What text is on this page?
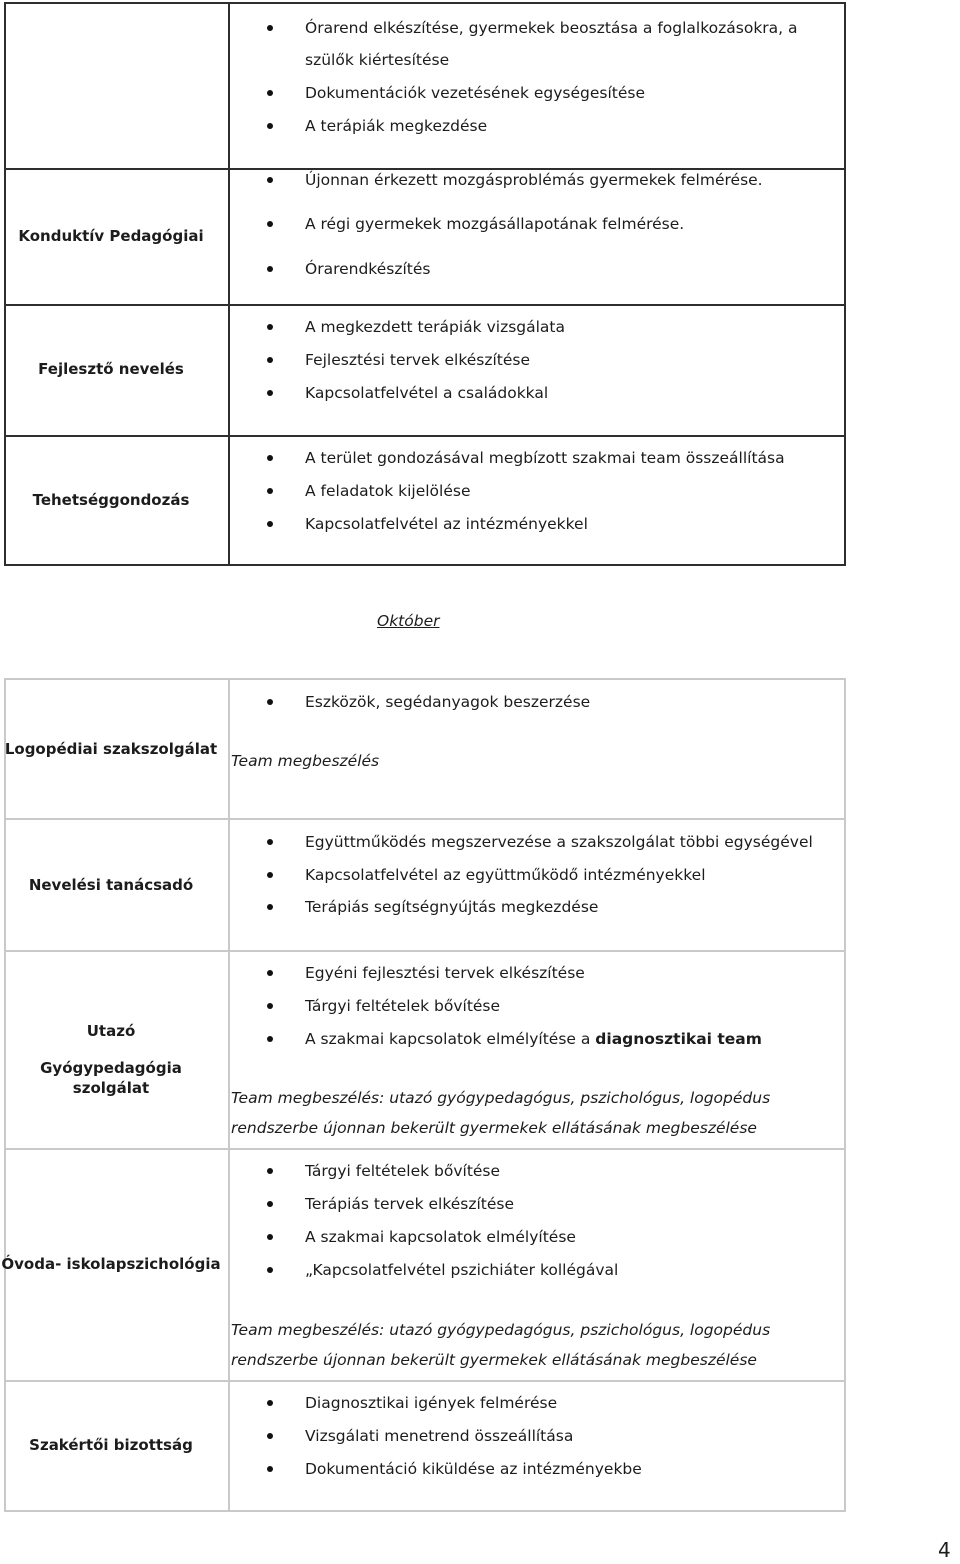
Órarend elkészítése, gyermekek beosztása a foglalkozásokra, a
szülők kiértesítése
Dokumentációk vezetésének egységesítése
A terápiák megkezdése
Konduktív Pedagógiai
Újonnan érkezett mozgásproblémás gyermekek felmérése.
A régi gyermekek mozgásállapotának felmérése.
Órarendkészítés
Fejlesztő nevelés
A megkezdett terápiák vizsgálata
Fejlesztési tervek elkészítése
Kapcsolatfelvétel a családokkal
Tehetséggondozás
A terület gondozásával megbízott szakmai team összeállítása
A feladatok kijelölése
Kapcsolatfelvétel az intézményekkel
Október
Logopédiai szakszolgálat
Eszközök, segédanyagok beszerzése
Team megbeszélés
Nevelési tanácsadó
Együttműködés megszervezése a szakszolgálat többi egységével
Kapcsolatfelvétel az együttműködő intézményekkel
Terápiás segítségnyújtás megkezdése
Utazó
Gyógypedagógia szolgálat
Egyéni fejlesztési tervek elkészítése
Tárgyi feltételek bővítése
A szakmai kapcsolatok elmélyítése a diagnosztikai team
Team megbeszélés: utazó gyógypedagógus, pszichológus, logopédus
rendszerbe újonnan bekerült gyermekek ellátásának megbeszélése
Óvoda- iskolapszichológia
Tárgyi feltételek bővítése
Terápiás tervek elkészítése
A szakmai kapcsolatok elmélyítése
„Kapcsolatfelvétel pszichiáter kollégával
Team megbeszélés: utazó gyógypedagógus, pszichológus, logopédus
rendszerbe újonnan bekerült gyermekek ellátásának megbeszélése
Szakértői bizottság
Diagnosztikai igények felmérése
Vizsgálati menetrend összeállítása
Dokumentáció kiküldése az intézményekbe
4
